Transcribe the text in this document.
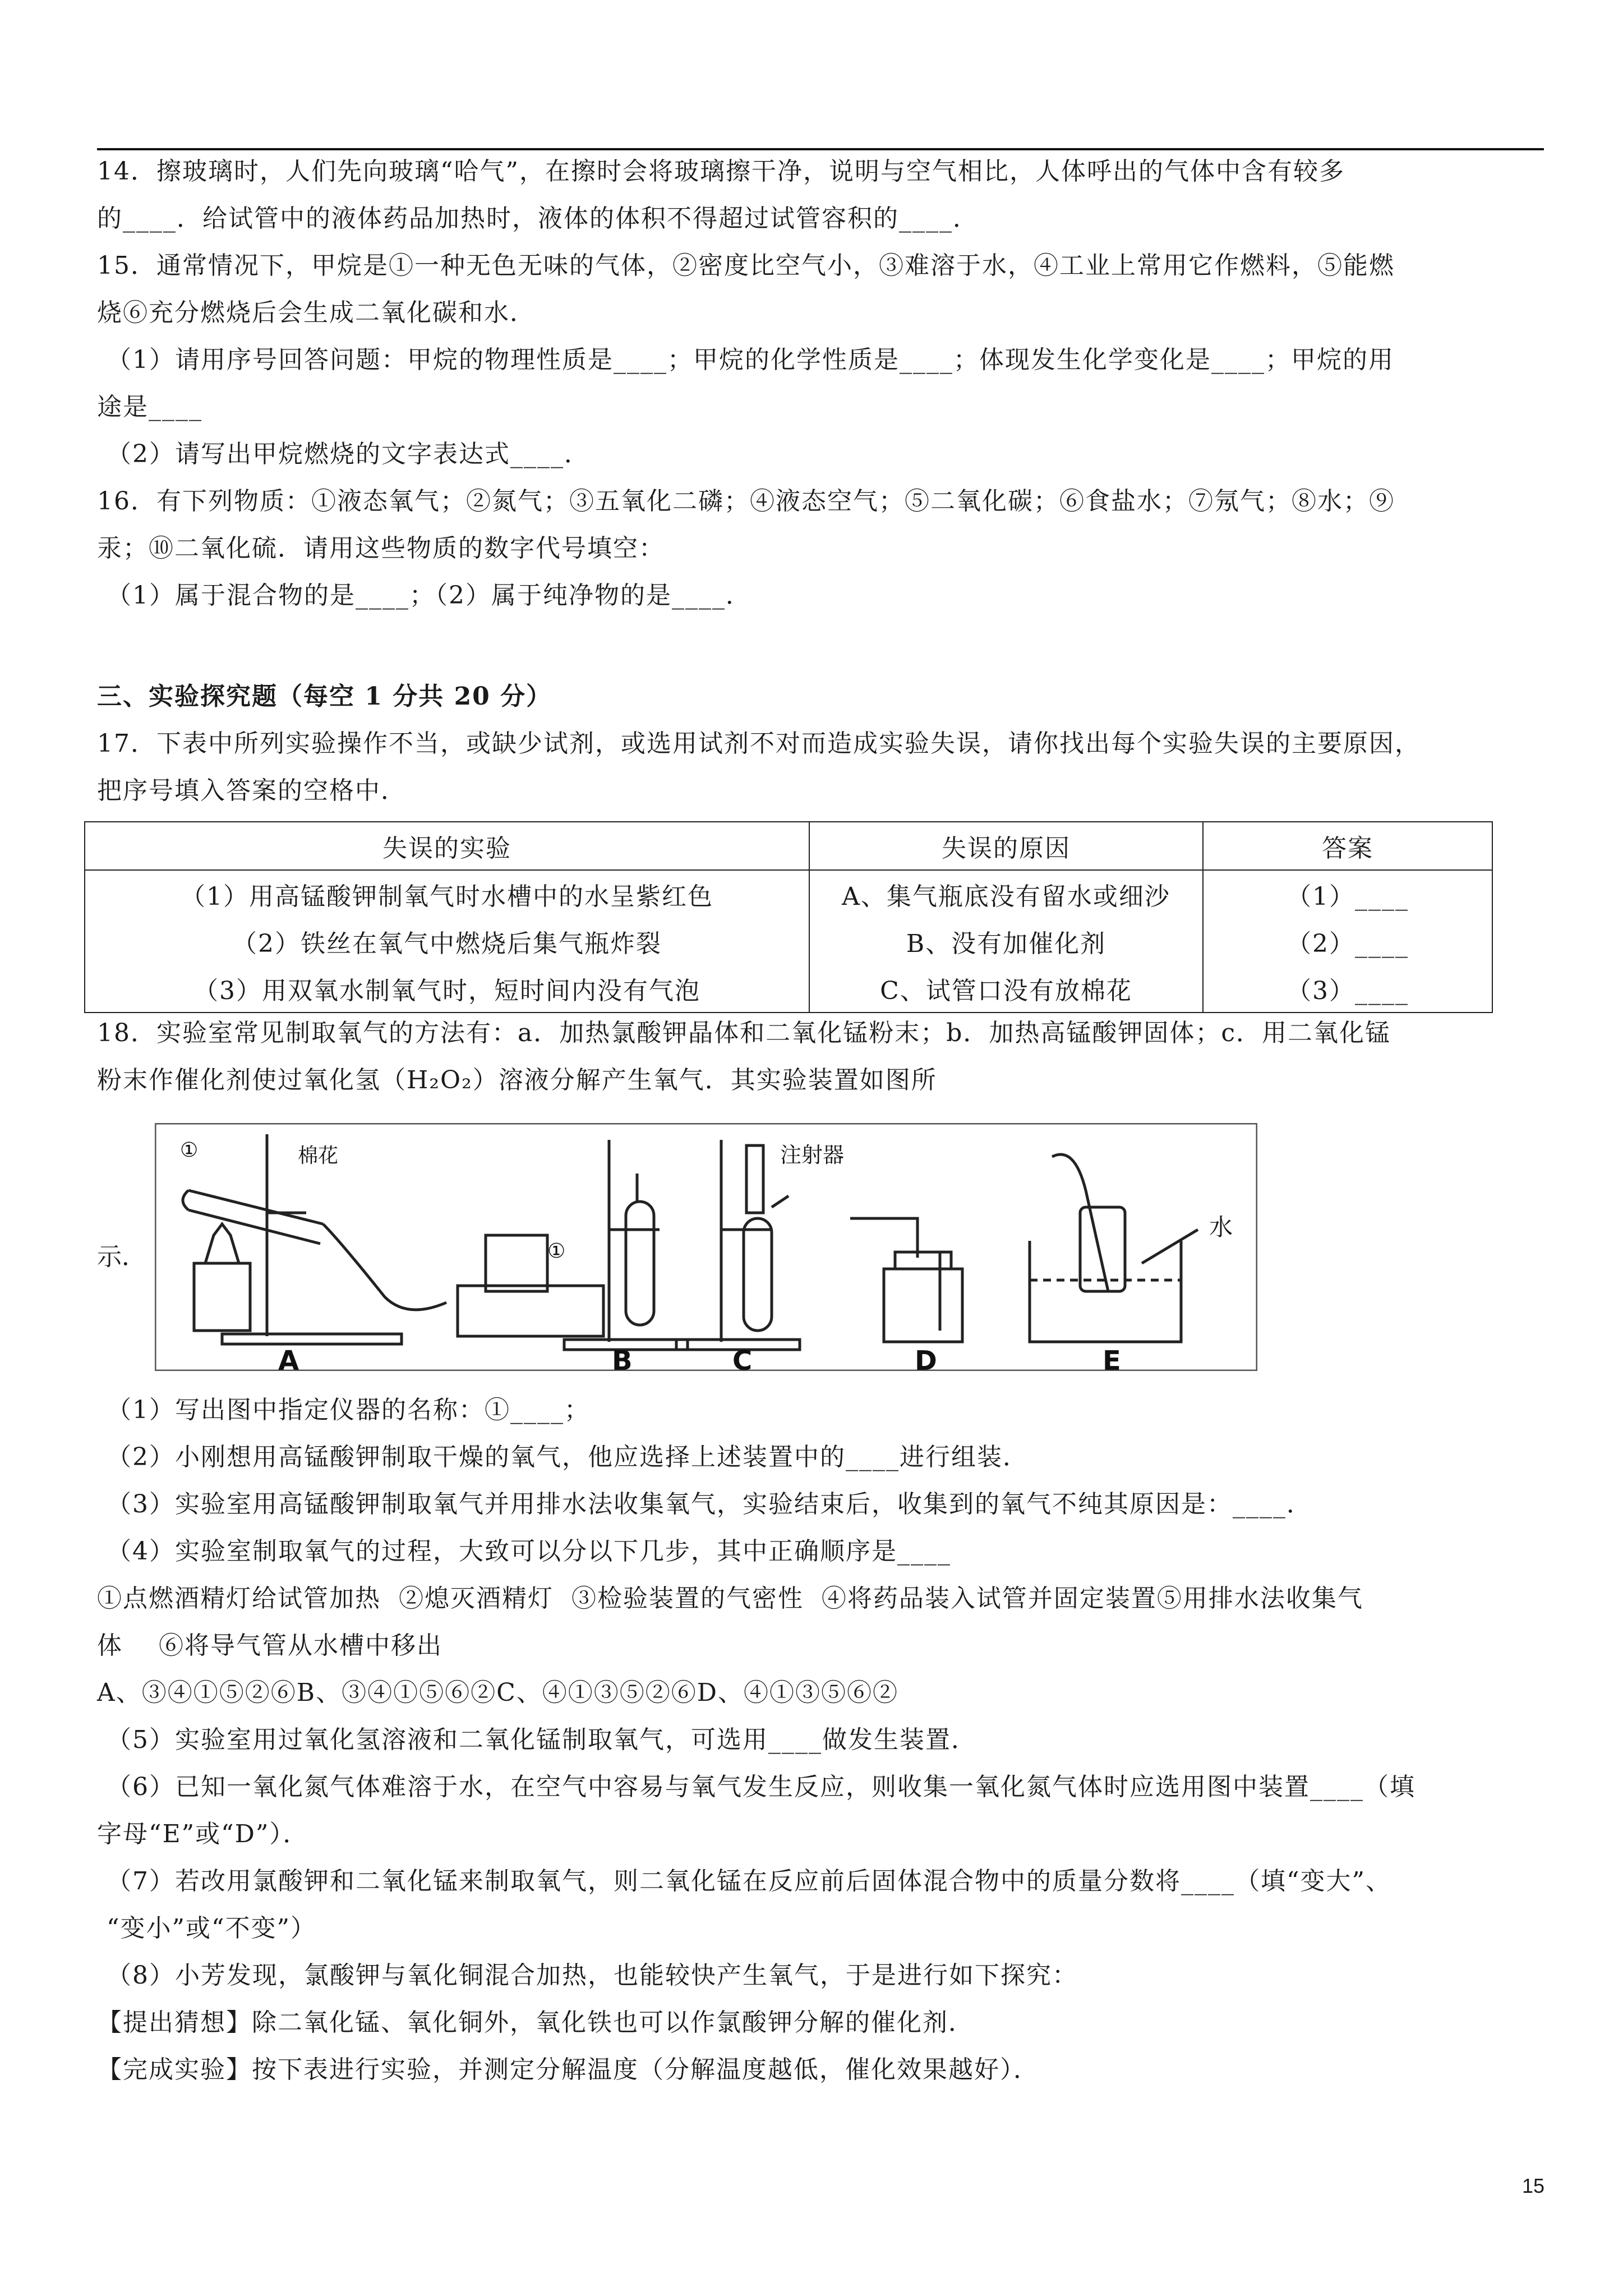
14．擦玻璃时，人们先向玻璃“哈气”，在擦时会将玻璃擦干净，说明与空气相比，人体呼出的气体中含有较多
的____．给试管中的液体药品加热时，液体的体积不得超过试管容积的____．
15．通常情况下，甲烷是①一种无色无味的气体，②密度比空气小，③难溶于水，④工业上常用它作燃料，⑤能燃
烧⑥充分燃烧后会生成二氧化碳和水．
（1）请用序号回答问题：甲烷的物理性质是____；甲烷的化学性质是____；体现发生化学变化是____；甲烷的用
途是____
（2）请写出甲烷燃烧的文字表达式____．
16．有下列物质：①液态氧气；②氮气；③五氧化二磷；④液态空气；⑤二氧化碳；⑥食盐水；⑦氖气；⑧水；⑨
汞；⑩二氧化硫．请用这些物质的数字代号填空：
（1）属于混合物的是____；（2）属于纯净物的是____．
三、实验探究题（每空 1 分共 20 分）
17．下表中所列实验操作不当，或缺少试剂，或选用试剂不对而造成实验失误，请你找出每个实验失误的主要原因，
把序号填入答案的空格中．
失误的实验	失误的原因	答案
（1）用高锰酸钾制氧气时水槽中的水呈紫红色	A、集气瓶底没有留水或细沙	（1）____
（2）铁丝在氧气中燃烧后集气瓶炸裂	B、没有加催化剂	（2）____
（3）用双氧水制氧气时，短时间内没有气泡	C、试管口没有放棉花	（3）____
18．实验室常见制取氧气的方法有：a．加热氯酸钾晶体和二氧化锰粉末；b．加热高锰酸钾固体；c．用二氧化锰
粉末作催化剂使过氧化氢（H₂O₂）溶液分解产生氧气．其实验装置如图所
示．
A	B	C	D	E
棉花	注射器
水
①
①
（1）写出图中指定仪器的名称：①____；
（2）小刚想用高锰酸钾制取干燥的氧气，他应选择上述装置中的____进行组装．
（3）实验室用高锰酸钾制取氧气并用排水法收集氧气，实验结束后，收集到的氧气不纯其原因是：____．
（4）实验室制取氧气的过程，大致可以分以下几步，其中正确顺序是____
①点燃酒精灯给试管加热  ②熄灭酒精灯  ③检验装置的气密性  ④将药品装入试管并固定装置⑤用排水法收集气
体    ⑥将导气管从水槽中移出
A、③④①⑤②⑥B、③④①⑤⑥②C、④①③⑤②⑥D、④①③⑤⑥②
（5）实验室用过氧化氢溶液和二氧化锰制取氧气，可选用____做发生装置．
（6）已知一氧化氮气体难溶于水，在空气中容易与氧气发生反应，则收集一氧化氮气体时应选用图中装置____（填
字母“E”或“D”）．
（7）若改用氯酸钾和二氧化锰来制取氧气，则二氧化锰在反应前后固体混合物中的质量分数将____（填“变大”、
“变小”或“不变”）
（8）小芳发现，氯酸钾与氧化铜混合加热，也能较快产生氧气，于是进行如下探究：
【提出猜想】除二氧化锰、氧化铜外，氧化铁也可以作氯酸钾分解的催化剂．
【完成实验】按下表进行实验，并测定分解温度（分解温度越低，催化效果越好）．
15
